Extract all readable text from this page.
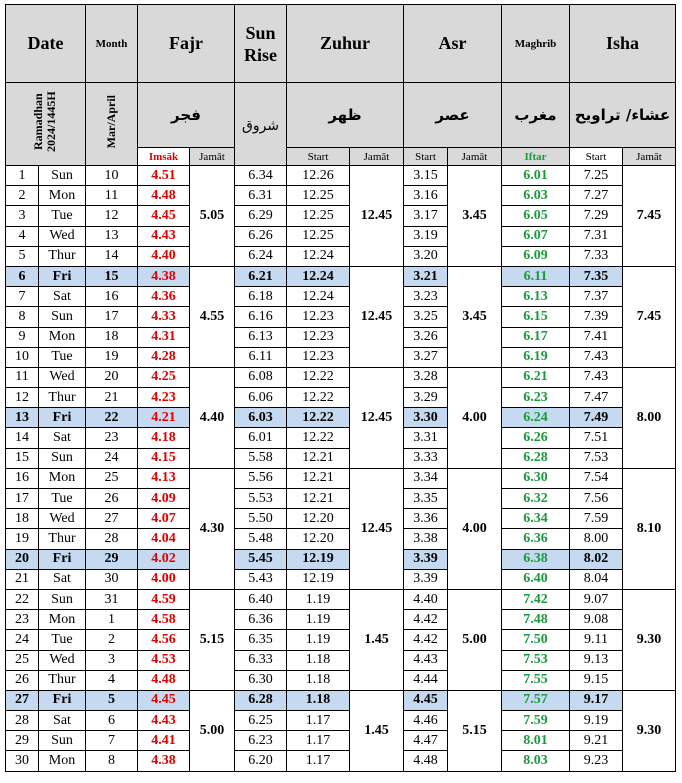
Date		Month	Fajr		Sun Rise	Zuhur		Asr		Maghrib	Isha	
Ramadhan 2024/1445H		Mar/April	فجر		شروق	ظهر		عصر		مغرب	عشاء/ تراويح	
			Imsāk	Jamāt		Start	Jamāt	Start	Jamāt	Iftar	Start	Jamāt
1	Sun	10	4.51	5.05	6.34	12.26	12.45	3.15	3.45	6.01	7.25	7.45
2	Mon	11	4.48		6.31	12.25		3.16		6.03	7.27	
3	Tue	12	4.45		6.29	12.25		3.17		6.05	7.29	
4	Wed	13	4.43		6.26	12.25		3.19		6.07	7.31	
5	Thur	14	4.40		6.24	12.24		3.20		6.09	7.33	
6	Fri	15	4.38	4.55	6.21	12.24	12.45	3.21	3.45	6.11	7.35	7.45
7	Sat	16	4.36		6.18	12.24		3.23		6.13	7.37	
8	Sun	17	4.33		6.16	12.23		3.25		6.15	7.39	
9	Mon	18	4.31		6.13	12.23		3.26		6.17	7.41	
10	Tue	19	4.28		6.11	12.23		3.27		6.19	7.43	
11	Wed	20	4.25	4.40	6.08	12.22	12.45	3.28	4.00	6.21	7.43	8.00
12	Thur	21	4.23		6.06	12.22		3.29		6.23	7.47	
13	Fri	22	4.21		6.03	12.22		3.30		6.24	7.49	
14	Sat	23	4.18		6.01	12.22		3.31		6.26	7.51	
15	Sun	24	4.15		5.58	12.21		3.33		6.28	7.53	
16	Mon	25	4.13	4.30	5.56	12.21	12.45	3.34	4.00	6.30	7.54	8.10
17	Tue	26	4.09		5.53	12.21		3.35		6.32	7.56	
18	Wed	27	4.07		5.50	12.20		3.36		6.34	7.59	
19	Thur	28	4.04		5.48	12.20		3.38		6.36	8.00	
20	Fri	29	4.02		5.45	12.19		3.39		6.38	8.02	
21	Sat	30	4.00		5.43	12.19		3.39		6.40	8.04	
22	Sun	31	4.59	5.15	6.40	1.19	1.45	4.40	5.00	7.42	9.07	9.30
23	Mon	1	4.58		6.36	1.19		4.42		7.48	9.08	
24	Tue	2	4.56		6.35	1.19		4.42		7.50	9.11	
25	Wed	3	4.53		6.33	1.18		4.43		7.53	9.13	
26	Thur	4	4.48		6.30	1.18		4.44		7.55	9.15	
27	Fri	5	4.45	5.00	6.28	1.18	1.45	4.45	5.15	7.57	9.17	9.30
28	Sat	6	4.43		6.25	1.17		4.46		7.59	9.19	
29	Sun	7	4.41		6.23	1.17		4.47		8.01	9.21	
30	Mon	8	4.38		6.20	1.17		4.48		8.03	9.23	
